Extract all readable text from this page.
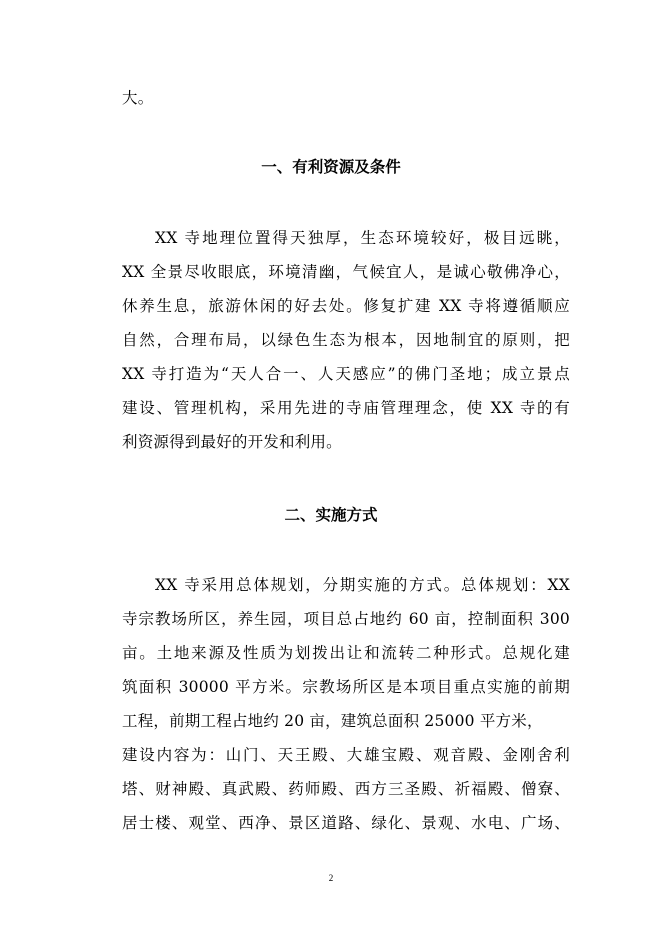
大。
一、有利资源及条件
XX 寺地理位置得天独厚，生态环境较好，极目远眺，
XX 全景尽收眼底，环境清幽，气候宜人，是诚心敬佛净心，
休养生息，旅游休闲的好去处。修复扩建 XX 寺将遵循顺应
自然，合理布局，以绿色生态为根本，因地制宜的原则，把
XX 寺打造为“天人合一、人天感应”的佛门圣地；成立景点
建设、管理机构，采用先进的寺庙管理理念，使 XX 寺的有
利资源得到最好的开发和利用。
二、实施方式
XX 寺采用总体规划，分期实施的方式。总体规划：XX
寺宗教场所区，养生园，项目总占地约 60 亩，控制面积 300
亩。土地来源及性质为划拨出让和流转二种形式。总规化建
筑面积 30000 平方米。宗教场所区是本项目重点实施的前期
工程，前期工程占地约 20 亩，建筑总面积 25000 平方米，
建设内容为：山门、天王殿、大雄宝殿、观音殿、金刚舍利
塔、财神殿、真武殿、药师殿、西方三圣殿、祈福殿、僧寮、
居士楼、观堂、西净、景区道路、绿化、景观、水电、广场、
2
